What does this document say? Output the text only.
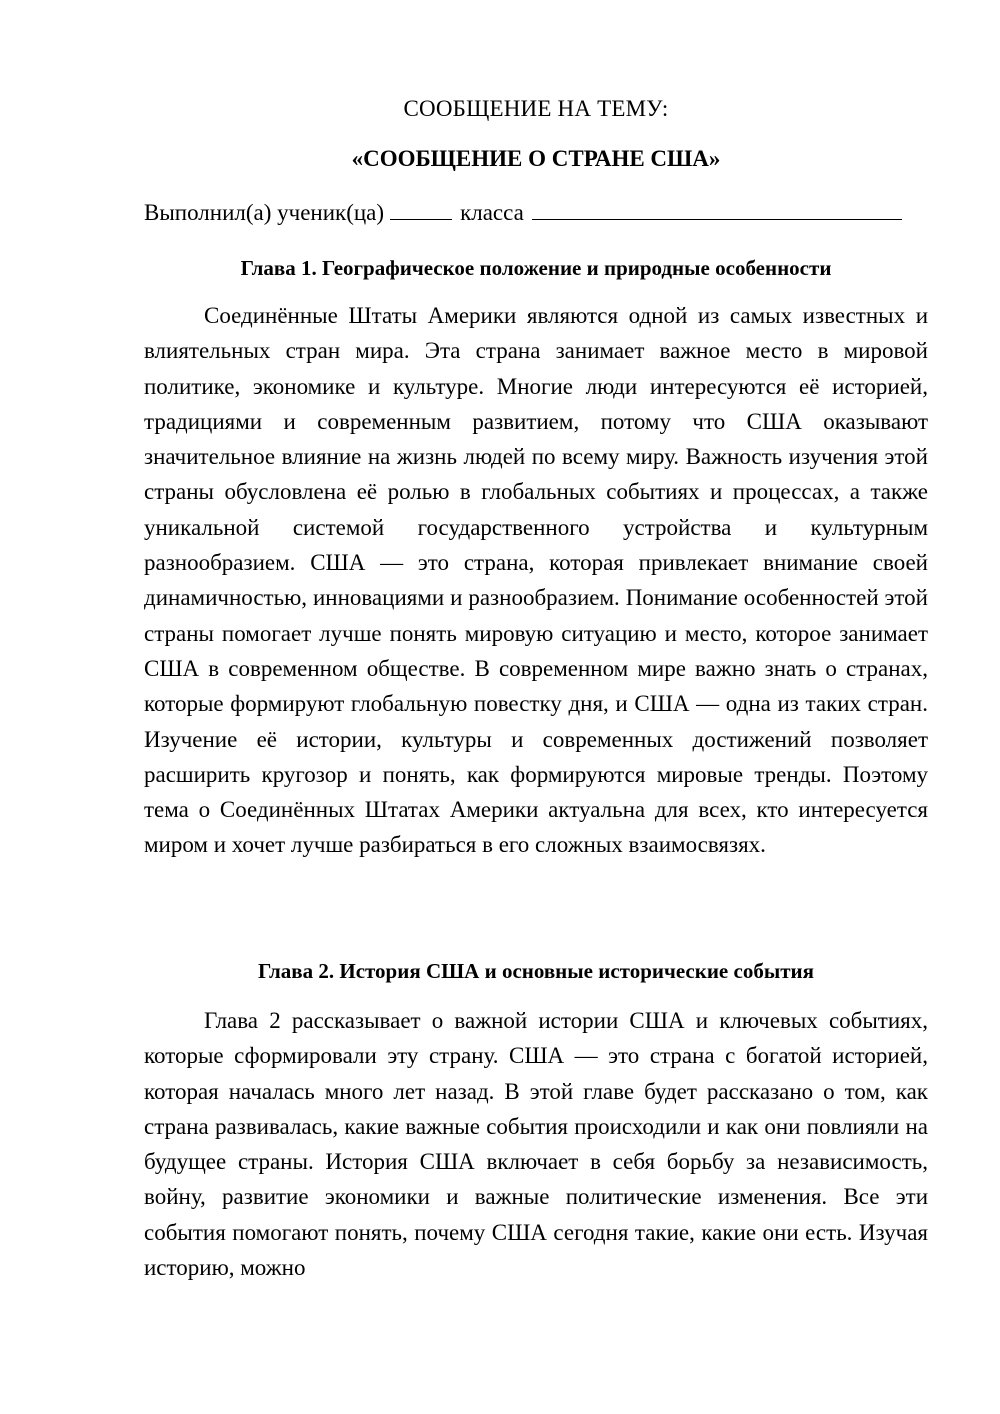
СООБЩЕНИЕ НА ТЕМУ:
«СООБЩЕНИЕ О СТРАНЕ США»
Выполнил(а) ученик(ца)	класса
Глава 1. Географическое положение и природные особенности

Соединённые Штаты Америки являются одной из самых известных и влиятельных стран мира. Эта страна занимает важное место в мировой политике, экономике и культуре. Многие люди интересуются её историей, традициями и современным развитием, потому что США оказывают значительное влияние на жизнь людей по всему миру. Важность изучения этой страны обусловлена её ролью в глобальных событиях и процессах, а также уникальной системой государственного устройства и культурным разнообразием. США — это страна, которая привлекает внимание своей динамичностью, инновациями и разнообразием. Понимание особенностей этой страны помогает лучше понять мировую ситуацию и место, которое занимает США в современном обществе. В современном мире важно знать о странах, которые формируют глобальную повестку дня, и США — одна из таких стран. Изучение её истории, культуры и современных достижений позволяет расширить кругозор и понять, как формируются мировые тренды. Поэтому тема о Соединённых Штатах Америки актуальна для всех, кто интересуется миром и хочет лучше разбираться в его сложных взаимосвязях.

Глава 2. История США и основные исторические события

Глава 2 рассказывает о важной истории США и ключевых событиях, которые сформировали эту страну. США — это страна с богатой историей, которая началась много лет назад. В этой главе будет рассказано о том, как страна развивалась, какие важные события происходили и как они повлияли на будущее страны. История США включает в себя борьбу за независимость, войну, развитие экономики и важные политические изменения. Все эти события помогают понять, почему США сегодня такие, какие они есть. Изучая историю, можно
